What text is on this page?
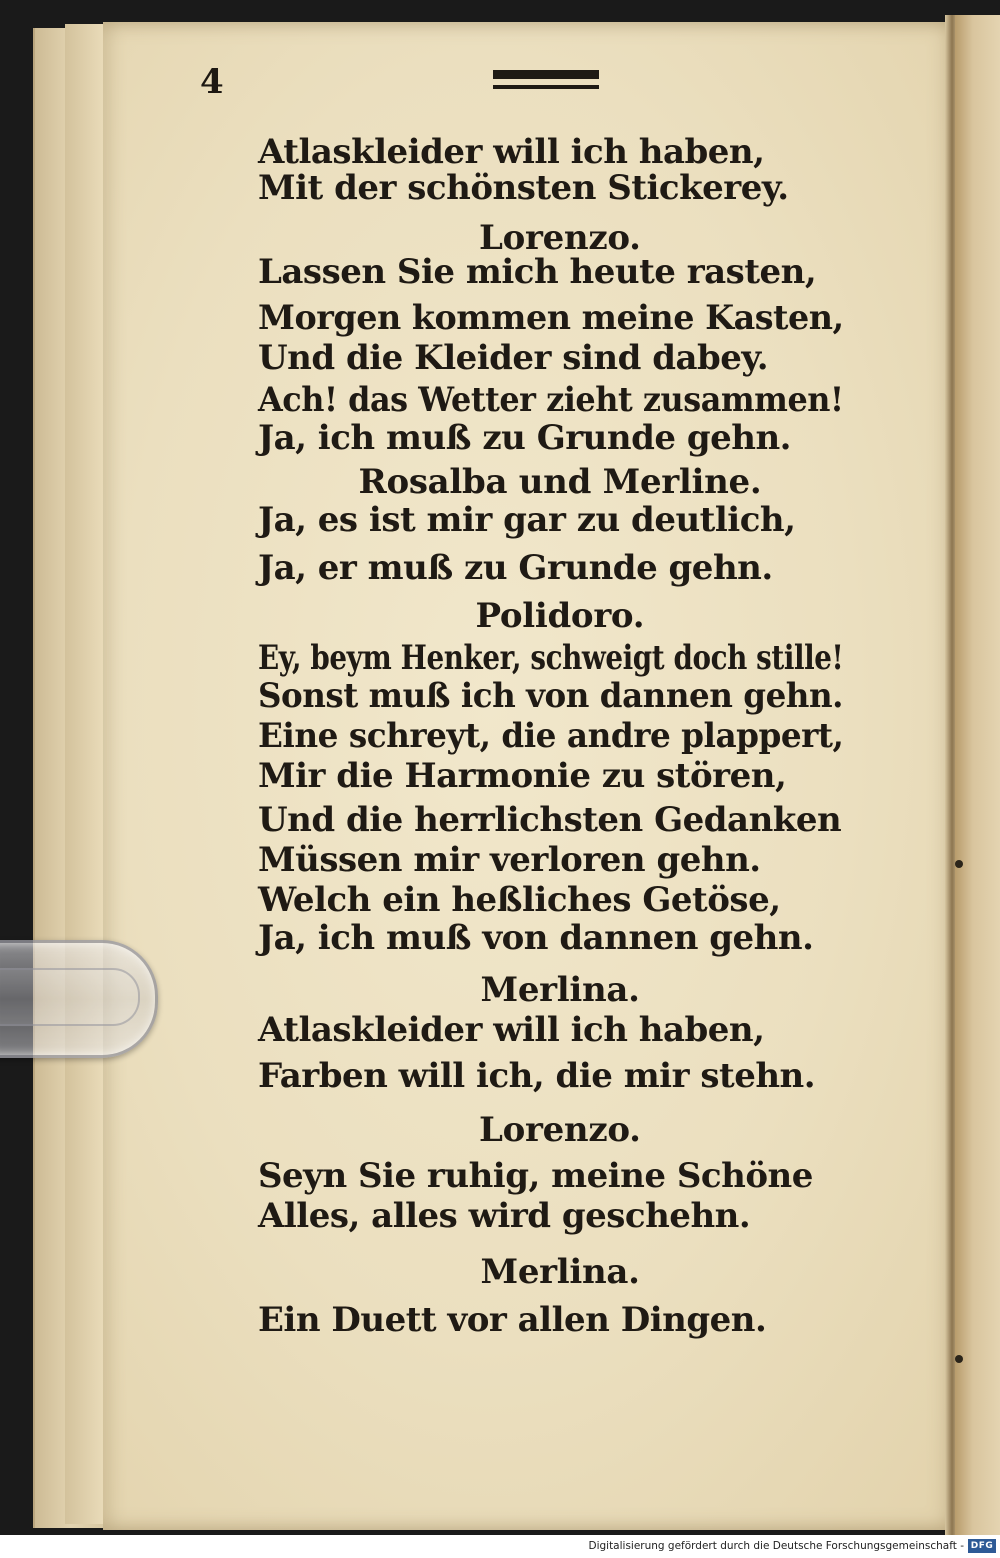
4
Atlaskleider will ich haben,
Mit der schönsten Stickerey.
Lorenzo.
Lassen Sie mich heute rasten,
Morgen kommen meine Kasten,
Und die Kleider sind dabey.
Ach! das Wetter zieht zusammen!
Ja, ich muß zu Grunde gehn.
Rosalba und Merline.
Ja, es ist mir gar zu deutlich,
Ja, er muß zu Grunde gehn.
Polidoro.
Ey, beym Henker, schweigt doch stille!
Sonst muß ich von dannen gehn.
Eine schreyt, die andre plappert,
Mir die Harmonie zu stören,
Und die herrlichsten Gedanken
Müssen mir verloren gehn.
Welch ein heßliches Getöse,
Ja, ich muß von dannen gehn.
Merlina.
Atlaskleider will ich haben,
Farben will ich, die mir stehn.
Lorenzo.
Seyn Sie ruhig, meine Schöne
Alles, alles wird geschehn.
Merlina.
Ein Duett vor allen Dingen.
Digitalisierung gefördert durch die Deutsche Forschungsgemeinschaft - DFG
